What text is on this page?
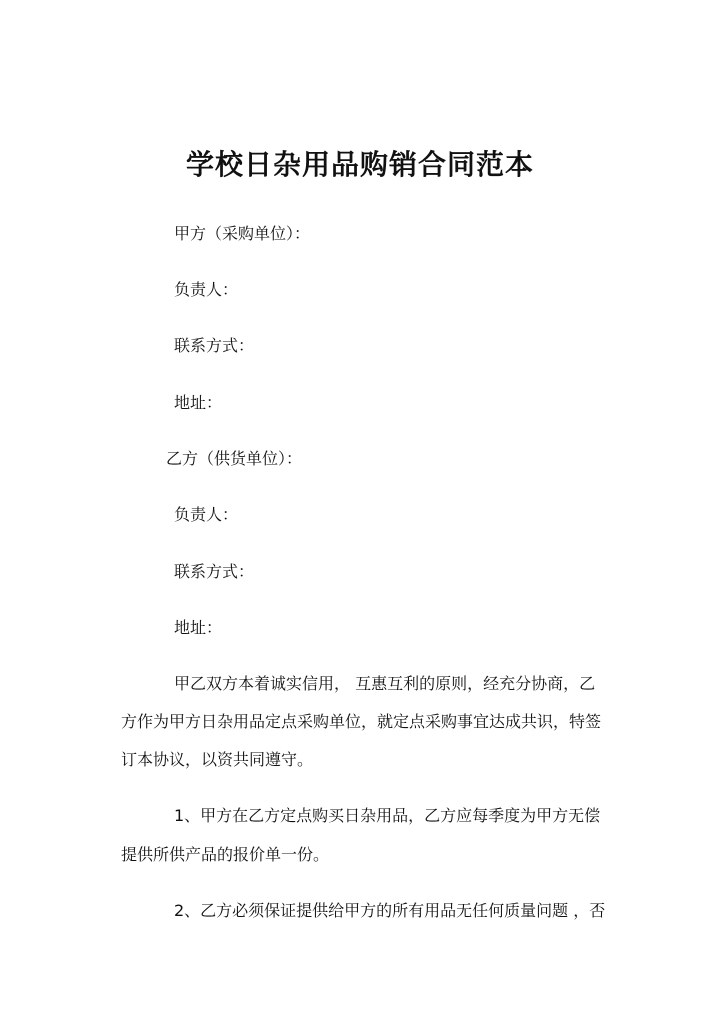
学校日杂用品购销合同范本
甲方（采购单位）：
负责人：
联系方式：
地址：
乙方（供货单位）：
负责人：
联系方式：
地址：
甲乙双方本着诚实信用， 互惠互利的原则，经充分协商，乙
方作为甲方日杂用品定点采购单位，就定点采购事宜达成共识，特签
订本协议，以资共同遵守。
1、甲方在乙方定点购买日杂用品，乙方应每季度为甲方无偿
提供所供产品的报价单一份。
2、乙方必须保证提供给甲方的所有用品无任何质量问题 ，否
